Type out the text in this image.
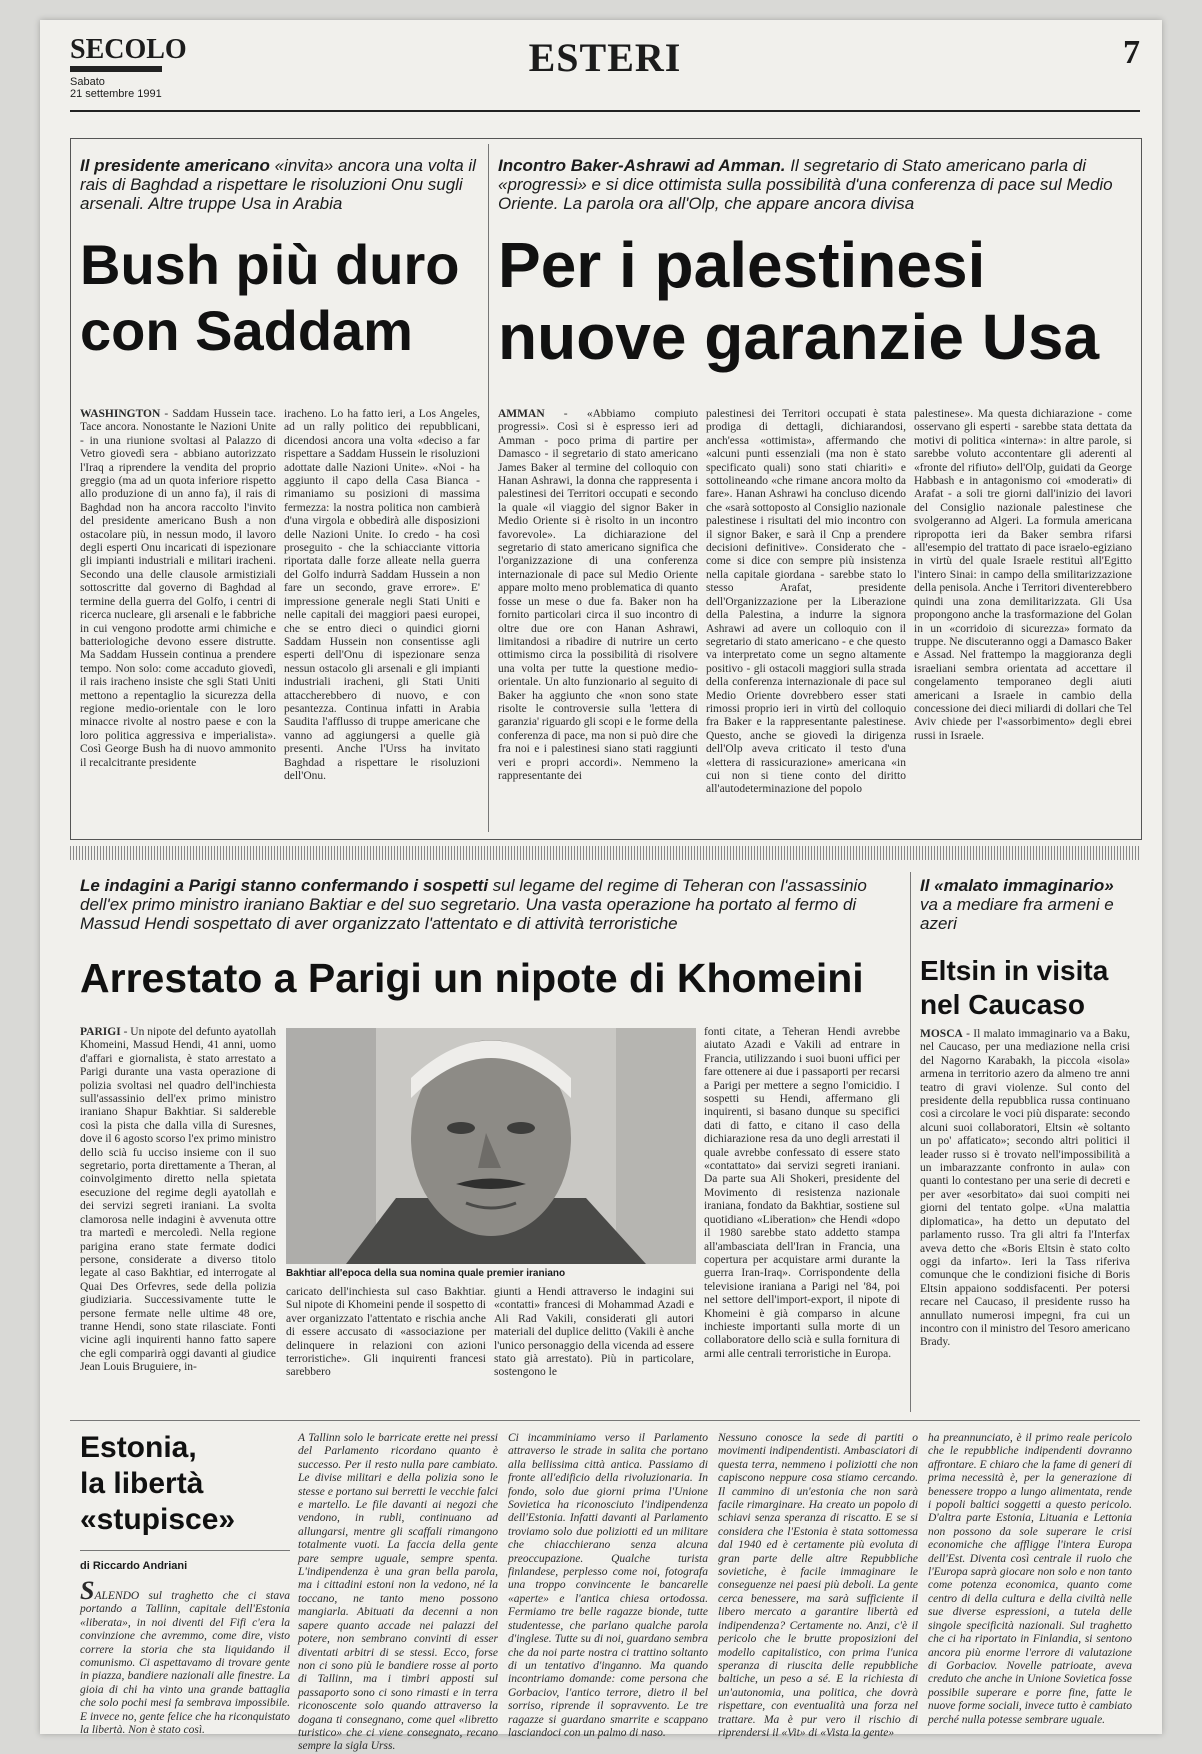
SECOLO
Sabato
21 settembre 1991
ESTERI	7
Il presidente americano «invita» ancora una volta il rais di Baghdad a rispettare le risoluzioni Onu sugli arsenali. Altre truppe Usa in Arabia
Bush più duro con Saddam
WASHINGTON - Saddam Hussein tace. Tace ancora. Nonostante le Nazioni Unite - in una riunione svoltasi al Palazzo di Vetro giovedì sera - abbiano autorizzato l'Iraq a riprendere la vendita del proprio greggio (ma ad un quota inferiore rispetto allo produzione di un anno fa), il rais di Baghdad non ha ancora raccolto l'invito del presidente americano Bush a non ostacolare più, in nessun modo, il lavoro degli esperti Onu incaricati di ispezionare gli impianti industriali e militari iracheni. Secondo una delle clausole armistiziali sottoscritte dal governo di Baghdad al termine della guerra del Golfo, i centri di ricerca nucleare, gli arsenali e le fabbriche in cui vengono prodotte armi chimiche e batteriologiche devono essere distrutte. Ma Saddam Hussein continua a prendere tempo. Non solo: come accaduto giovedì, il rais iracheno insiste che sgli Stati Uniti mettono a repentaglio la sicurezza della regione medio-orientale con le loro minacce rivolte al nostro paese e con la loro politica aggressiva e imperialista». Così George Bush ha di nuovo ammonito il recalcitrante presidente
iracheno. Lo ha fatto ieri, a Los Angeles, ad un rally politico dei repubblicani, dicendosi ancora una volta «deciso a far rispettare a Saddam Hussein le risoluzioni adottate dalle Nazioni Unite». «Noi - ha aggiunto il capo della Casa Bianca - rimaniamo su posizioni di massima fermezza: la nostra politica non cambierà d'una virgola e obbedirà alle disposizioni delle Nazioni Unite. Io credo - ha così proseguito - che la schiacciante vittoria riportata dalle forze alleate nella guerra del Golfo indurrà Saddam Hussein a non fare un secondo, grave errore». E' impressione generale negli Stati Uniti e nelle capitali dei maggiori paesi europei, che se entro dieci o quindici giorni Saddam Hussein non consentisse agli esperti dell'Onu di ispezionare senza nessun ostacolo gli arsenali e gli impianti industriali iracheni, gli Stati Uniti attaccherebbero di nuovo, e con pesantezza. Continua infatti in Arabia Saudita l'afflusso di truppe americane che vanno ad aggiungersi a quelle già presenti. Anche l'Urss ha invitato Baghdad a rispettare le risoluzioni dell'Onu.
Incontro Baker-Ashrawi ad Amman. Il segretario di Stato americano parla di «progressi» e si dice ottimista sulla possibilità d'una conferenza di pace sul Medio Oriente. La parola ora all'Olp, che appare ancora divisa
Per i palestinesi
nuove garanzie Usa
AMMAN - «Abbiamo compiuto progressi». Così si è espresso ieri ad Amman - poco prima di partire per Damasco - il segretario di stato americano James Baker al termine del colloquio con Hanan Ashrawi, la donna che rappresenta i palestinesi dei Territori occupati e secondo la quale «il viaggio del signor Baker in Medio Oriente si è risolto in un incontro favorevole». La dichiarazione del segretario di stato americano significa che l'organizzazione di una conferenza internazionale di pace sul Medio Oriente appare molto meno problematica di quanto fosse un mese o due fa. Baker non ha fornito particolari circa il suo incontro di oltre due ore con Hanan Ashrawi, limitandosi a ribadire di nutrire un certo ottimismo circa la possibilità di risolvere una volta per tutte la questione medio-orientale. Un alto funzionario al seguito di Baker ha aggiunto che «non sono state risolte le controversie sulla 'lettera di garanzia' riguardo gli scopi e le forme della conferenza di pace, ma non si può dire che fra noi e i palestinesi siano stati raggiunti veri e propri accordi». Nemmeno la rappresentante dei
palestinesi dei Territori occupati è stata prodiga di dettagli, dichiarandosi, anch'essa «ottimista», affermando che «alcuni punti essenziali (ma non è stato specificato quali) sono stati chiariti» e sottolineando «che rimane ancora molto da fare». Hanan Ashrawi ha concluso dicendo che «sarà sottoposto al Consiglio nazionale palestinese i risultati del mio incontro con il signor Baker, e sarà il Cnp a prendere decisioni definitive». Considerato che - come si dice con sempre più insistenza nella capitale giordana - sarebbe stato lo stesso Arafat, presidente dell'Organizzazione per la Liberazione della Palestina, a indurre la signora Ashrawi ad avere un colloquio con il segretario di stato americano - e che questo va interpretato come un segno altamente positivo - gli ostacoli maggiori sulla strada della conferenza internazionale di pace sul Medio Oriente dovrebbero esser stati rimossi proprio ieri in virtù del colloquio fra Baker e la rappresentante palestinese. Questo, anche se giovedì la dirigenza dell'Olp aveva criticato il testo d'una «lettera di rassicurazione» americana «in cui non si tiene conto del diritto all'autodeterminazione del popolo
palestinese». Ma questa dichiarazione - come osservano gli esperti - sarebbe stata dettata da motivi di politica «interna»: in altre parole, si sarebbe voluto accontentare gli aderenti al «fronte del rifiuto» dell'Olp, guidati da George Habbash e in antagonismo coi «moderati» di Arafat - a soli tre giorni dall'inizio dei lavori del Consiglio nazionale palestinese che svolgeranno ad Algeri. La formula americana ripropotta ieri da Baker sembra rifarsi all'esempio del trattato di pace israelo-egiziano in virtù del quale Israele restituì all'Egitto l'intero Sinai: in campo della smilitarizzazione della penisola. Anche i Territori diventerebbero quindi una zona demilitarizzata. Gli Usa propongono anche la trasformazione del Golan in un «corridoio di sicurezza» formato da truppe. Ne discuteranno oggi a Damasco Baker e Assad. Nel frattempo la maggioranza degli israeliani sembra orientata ad accettare il congelamento temporaneo degli aiuti americani a Israele in cambio della concessione dei dieci miliardi di dollari che Tel Aviv chiede per l'«assorbimento» degli ebrei russi in Israele.
Le indagini a Parigi stanno confermando i sospetti sul legame del regime di Teheran con l'assassinio dell'ex primo ministro iraniano Baktiar e del suo segretario. Una vasta operazione ha portato al fermo di Massud Hendi sospettato di aver organizzato l'attentato e di attività terroristiche
Arrestato a Parigi un nipote di Khomeini
PARIGI - Un nipote del defunto ayatollah Khomeini, Massud Hendi, 41 anni, uomo d'affari e giornalista, è stato arrestato a Parigi durante una vasta operazione di polizia svoltasi nel quadro dell'inchiesta sull'assassinio dell'ex primo ministro iraniano Shapur Bakhtiar. Si saldereble così la pista che dalla villa di Suresnes, dove il 6 agosto scorso l'ex primo ministro dello scià fu ucciso insieme con il suo segretario, porta direttamente a Theran, al coinvolgimento diretto nella spietata esecuzione del regime degli ayatollah e dei servizi segreti iraniani. La svolta clamorosa nelle indagini è avvenuta ottre tra martedì e mercoledì. Nella regione parigina erano state fermate dodici persone, considerate a diverso titolo legate al caso Bakhtiar, ed interrogate al Quai Des Orfevres, sede della polizia giudiziaria. Successivamente tutte le persone fermate nelle ultime 48 ore, tranne Hendi, sono state rilasciate. Fonti vicine agli inquirenti hanno fatto sapere che egli comparirà oggi davanti al giudice Jean Louis Bruguiere, in-
Bakhtiar all'epoca della sua nomina quale premier iraniano
caricato dell'inchiesta sul caso Bakhtiar. Sul nipote di Khomeini pende il sospetto di aver organizzato l'attentato e rischia anche di essere accusato di «associazione per delinquere in relazioni con azioni terroristiche». Gli inquirenti francesi sarebbero
giunti a Hendi attraverso le indagini sui «contatti» francesi di Mohammad Azadi e Ali Rad Vakili, considerati gli autori materiali del duplice delitto (Vakili è anche l'unico personaggio della vicenda ad essere stato già arrestato). Più in particolare, sostengono le
fonti citate, a Teheran Hendi avrebbe aiutato Azadi e Vakili ad entrare in Francia, utilizzando i suoi buoni uffici per fare ottenere ai due i passaporti per recarsi a Parigi per mettere a segno l'omicidio. I sospetti su Hendi, affermano gli inquirenti, si basano dunque su specifici dati di fatto, e citano il caso della dichiarazione resa da uno degli arrestati il quale avrebbe confessato di essere stato «contattato» dai servizi segreti iraniani. Da parte sua Ali Shokeri, presidente del Movimento di resistenza nazionale iraniana, fondato da Bakhtiar, sostiene sul quotidiano «Liberation» che Hendi «dopo il 1980 sarebbe stato addetto stampa all'ambasciata dell'Iran in Francia, una copertura per acquistare armi durante la guerra Iran-Iraq». Corrispondente della televisione iraniana a Parigi nel '84, poi nel settore dell'import-export, il nipote di Khomeini è già comparso in alcune inchieste importanti sulla morte di un collaboratore dello scià e sulla fornitura di armi alle centrali terroristiche in Europa.
Il «malato immaginario» va a mediare fra armeni e azeri
Eltsin in visita nel Caucaso
MOSCA - Il malato immaginario va a Baku, nel Caucaso, per una mediazione nella crisi del Nagorno Karabakh, la piccola «isola» armena in territorio azero da almeno tre anni teatro di gravi violenze. Sul conto del presidente della repubblica russa continuano così a circolare le voci più disparate: secondo alcuni suoi collaboratori, Eltsin «è soltanto un po' affaticato»; secondo altri politici il leader russo si è trovato nell'impossibilità a un imbarazzante confronto in aula» con quanti lo contestano per una serie di decreti e per aver «esorbitato» dai suoi compiti nei giorni del tentato golpe. «Una malattia diplomatica», ha detto un deputato del parlamento russo. Tra gli altri fa l'Interfax aveva detto che «Boris Eltsin è stato colto oggi da infarto». Ieri la Tass riferiva comunque che le condizioni fisiche di Boris Eltsin appaiono soddisfacenti. Per potersi recare nel Caucaso, il presidente russo ha annullato numerosi impegni, fra cui un incontro con il ministro del Tesoro americano Brady.
Estonia,
la libertà
«stupisce»
di Riccardo Andriani
SALENDO sul traghetto che ci stava portando a Tallinn, capitale dell'Estonia «liberata», in noi diventi del Fifi c'era la convinzione che avremmo, come dire, visto correre la storia che sta liquidando il comunismo. Ci aspettavamo di trovare gente in piazza, bandiere nazionali alle finestre. La gioia di chi ha vinto una grande battaglia che solo pochi mesi fa sembrava impossibile. E invece no, gente felice che ha riconquistato la libertà. Non è stato così.
A Tallinn solo le barricate erette nei pressi del Parlamento ricordano quanto è successo. Per il resto nulla pare cambiato. Le divise militari e della polizia sono le stesse e portano sui berretti le vecchie falci e martello. Le file davanti ai negozi che vendono, in rubli, continuano ad allungarsi, mentre gli scaffali rimangono totalmente vuoti. La faccia della gente pare sempre uguale, sempre spenta. L'indipendenza è una gran bella parola, ma i cittadini estoni non la vedono, né la toccano, ne tanto meno possono mangiarla. Abituati da decenni a non sapere quanto accade nei palazzi del potere, non sembrano convinti di esser diventati arbitri di se stessi. Ecco, forse non ci sono più le bandiere rosse al porto di Tallinn, ma i timbri apposti sul passaporto sono ci sono rimasti e in terra riconoscente solo quando attraverso la dogana ti consegnano, come quel «libretto turistico» che ci viene consegnato, recano sempre la sigla Urss.
Ci incamminiamo verso il Parlamento attraverso le strade in salita che portano alla bellissima città antica. Passiamo di fronte all'edificio della rivoluzionaria. In fondo, solo due giorni prima l'Unione Sovietica ha riconosciuto l'indipendenza dell'Estonia. Infatti davanti al Parlamento troviamo solo due poliziotti ed un militare che chiacchierano senza alcuna preoccupazione. Qualche turista finlandese, perplesso come noi, fotografa una troppo convincente le bancarelle «aperte» e l'antica chiesa ortodossa. Fermiamo tre belle ragazze bionde, tutte studentesse, che parlano qualche parola d'inglese. Tutte su di noi, guardano sembra che da noi parte nostra ci trattino soltanto di un tentativo d'inganno. Ma quando incontriamo domande: come persona che Gorbaciov, l'antico terrore, dietro il bel sorriso, riprende il sopravvento. Le tre ragazze si guardano smarrite e scappano lasciandoci con un palmo di naso.
Nessuno conosce la sede di partiti o movimenti indipendentisti. Ambasciatori di questa terra, nemmeno i poliziotti che non capiscono neppure cosa stiamo cercando. Il cammino di un'estonia che non sarà facile rimarginare. Ha creato un popolo di schiavi senza speranza di riscatto. E se si considera che l'Estonia è stata sottomessa dal 1940 ed è certamente più evoluta di gran parte delle altre Repubbliche sovietiche, è facile immaginare le conseguenze nei paesi più deboli. La gente cerca benessere, ma sarà sufficiente il libero mercato a garantire libertà ed indipendenza? Certamente no. Anzi, c'è il pericolo che le brutte proposizioni del modello capitalistico, con prima l'unica speranza di riuscita delle repubbliche baltiche, un peso a sé. E la richiesta di un'autonomia, una politica, che dovrà rispettare, con eventualità una forza nel trattare. Ma è pur vero il rischio di riprendersi il «Vit» di «Vista la gente»
ha preannunciato, è il primo reale pericolo che le repubbliche indipendenti dovranno affrontare. E chiaro che la fame di generi di prima necessità è, per la generazione di benessere troppo a lungo alimentata, rende i popoli baltici soggetti a questo pericolo. D'altra parte Estonia, Lituania e Lettonia non possono da sole superare le crisi economiche che affligge l'intera Europa dell'Est. Diventa così centrale il ruolo che l'Europa saprà giocare non solo e non tanto come potenza economica, quanto come centro di della cultura e della civiltà nelle sue diverse espressioni, a tutela delle singole specificità nazionali. Sul traghetto che ci ha riportato in Finlandia, si sentono ancora più enorme l'errore di valutazione di Gorbaciov. Novelle patrioate, aveva creduto che anche in Unione Sovietica fosse possibile superare e porre fine, fatte le nuove forme sociali, invece tutto è cambiato perché nulla potesse sembrare uguale.
